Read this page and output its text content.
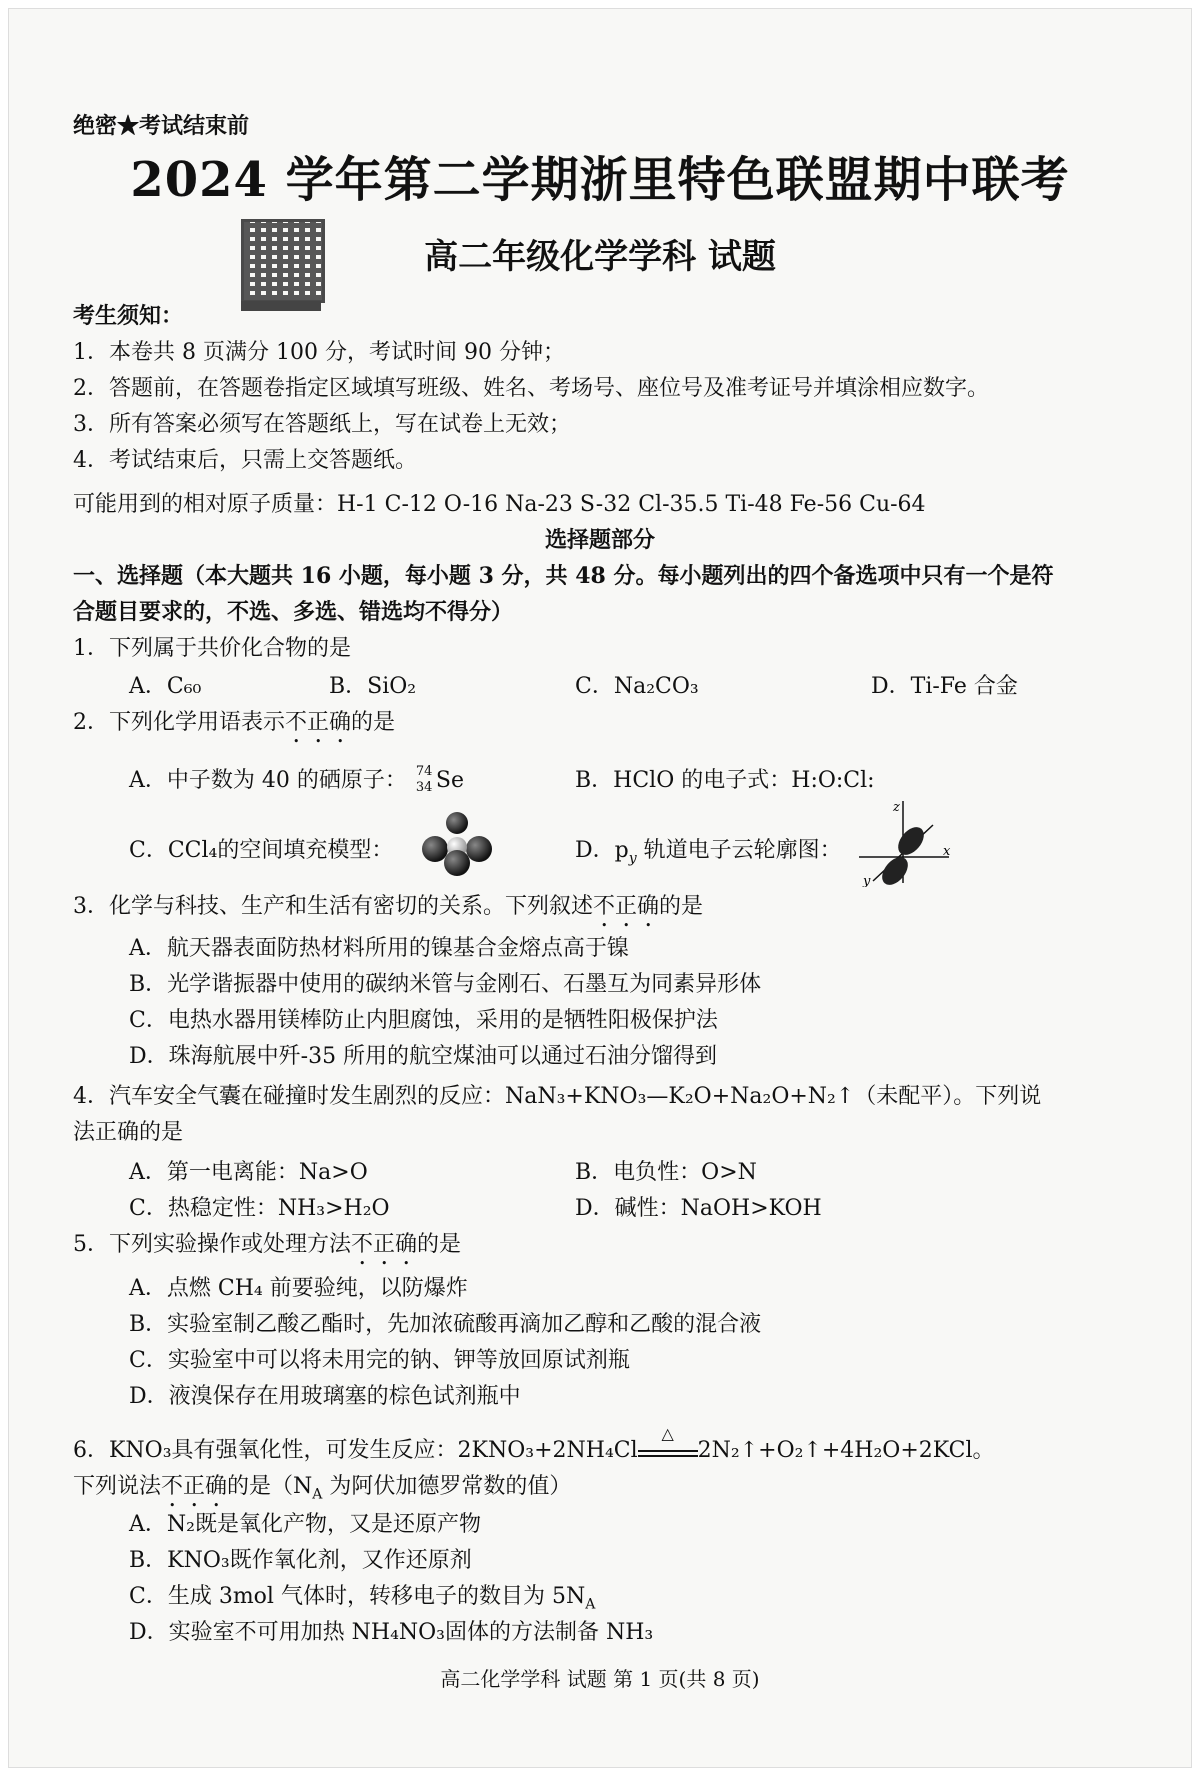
绝密★考试结束前
2024 学年第二学期浙里特色联盟期中联考
高二年级化学学科 试题
考生须知：
1．本卷共 8 页满分 100 分，考试时间 90 分钟；
2．答题前，在答题卷指定区域填写班级、姓名、考场号、座位号及准考证号并填涂相应数字。
3．所有答案必须写在答题纸上，写在试卷上无效；
4．考试结束后，只需上交答题纸。
可能用到的相对原子质量：H-1 C-12 O-16 Na-23 S-32 Cl-35.5 Ti-48 Fe-56 Cu-64
选择题部分
一、选择题（本大题共 16 小题，每小题 3 分，共 48 分。每小题列出的四个备选项中只有一个是符
合题目要求的，不选、多选、错选均不得分）
1．下列属于共价化合物的是
A．C₆₀	B．SiO₂	C．Na₂CO₃	D．Ti-Fe 合金
2．下列化学用语表示不正确的是
A．中子数为 40 的硒原子： 74
34 Se	B．HClO 的电子式：H:O:Cl:
C．CCl₄的空间填充模型：	D．$p_y$ 轨道电子云轮廓图：
z
x
y
3．化学与科技、生产和生活有密切的关系。下列叙述不正确的是
A．航天器表面防热材料所用的镍基合金熔点高于镍
B．光学谐振器中使用的碳纳米管与金刚石、石墨互为同素异形体
C．电热水器用镁棒防止内胆腐蚀，采用的是牺牲阳极保护法
D．珠海航展中歼-35 所用的航空煤油可以通过石油分馏得到
4．汽车安全气囊在碰撞时发生剧烈的反应：NaN₃+KNO₃—K₂O+Na₂O+N₂↑（未配平）。下列说
法正确的是
A．第一电离能：Na>O	B．电负性：O>N
C．热稳定性：NH₃>H₂O	D．碱性：NaOH>KOH
5．下列实验操作或处理方法不正确的是
A．点燃 CH₄ 前要验纯，以防爆炸
B．实验室制乙酸乙酯时，先加浓硫酸再滴加乙醇和乙酸的混合液
C．实验室中可以将未用完的钠、钾等放回原试剂瓶
D．液溴保存在用玻璃塞的棕色试剂瓶中
6．KNO₃具有强氧化性，可发生反应：2KNO₃+2NH₄Cl
△
2N₂↑+O₂↑+4H₂O+2KCl。
下列说法不正确的是（$N_A$ 为阿伏加德罗常数的值）
A．N₂既是氧化产物，又是还原产物
B．KNO₃既作氧化剂，又作还原剂
C．生成 3mol 气体时，转移电子的数目为 $5N_A$
D．实验室不可用加热 NH₄NO₃固体的方法制备 NH₃
高二化学学科 试题 第 1 页(共 8 页)
